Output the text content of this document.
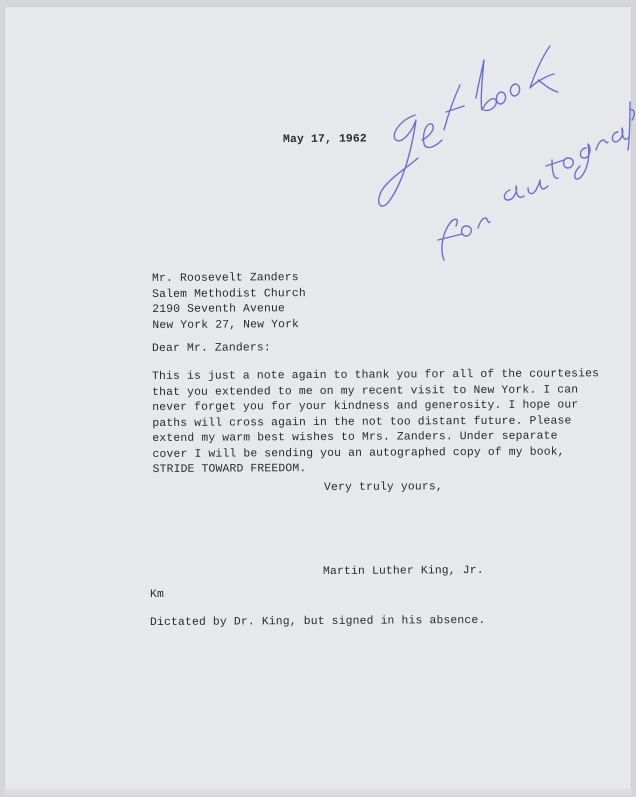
May 17, 1962
Mr. Roosevelt Zanders
Salem Methodist Church
2190 Seventh Avenue
New York 27, New York
Dear Mr. Zanders:
This is just a note again to thank you for all of the courtesies
that you extended to me on my recent visit to New York. I can
never forget you for your kindness and generosity. I hope our
paths will cross again in the not too distant future. Please
extend my warm best wishes to Mrs. Zanders. Under separate
cover I will be sending you an autographed copy of my book,
STRIDE TOWARD FREEDOM.
Very truly yours,
Martin Luther King, Jr.
Km
Dictated by Dr. King, but signed in his absence.
